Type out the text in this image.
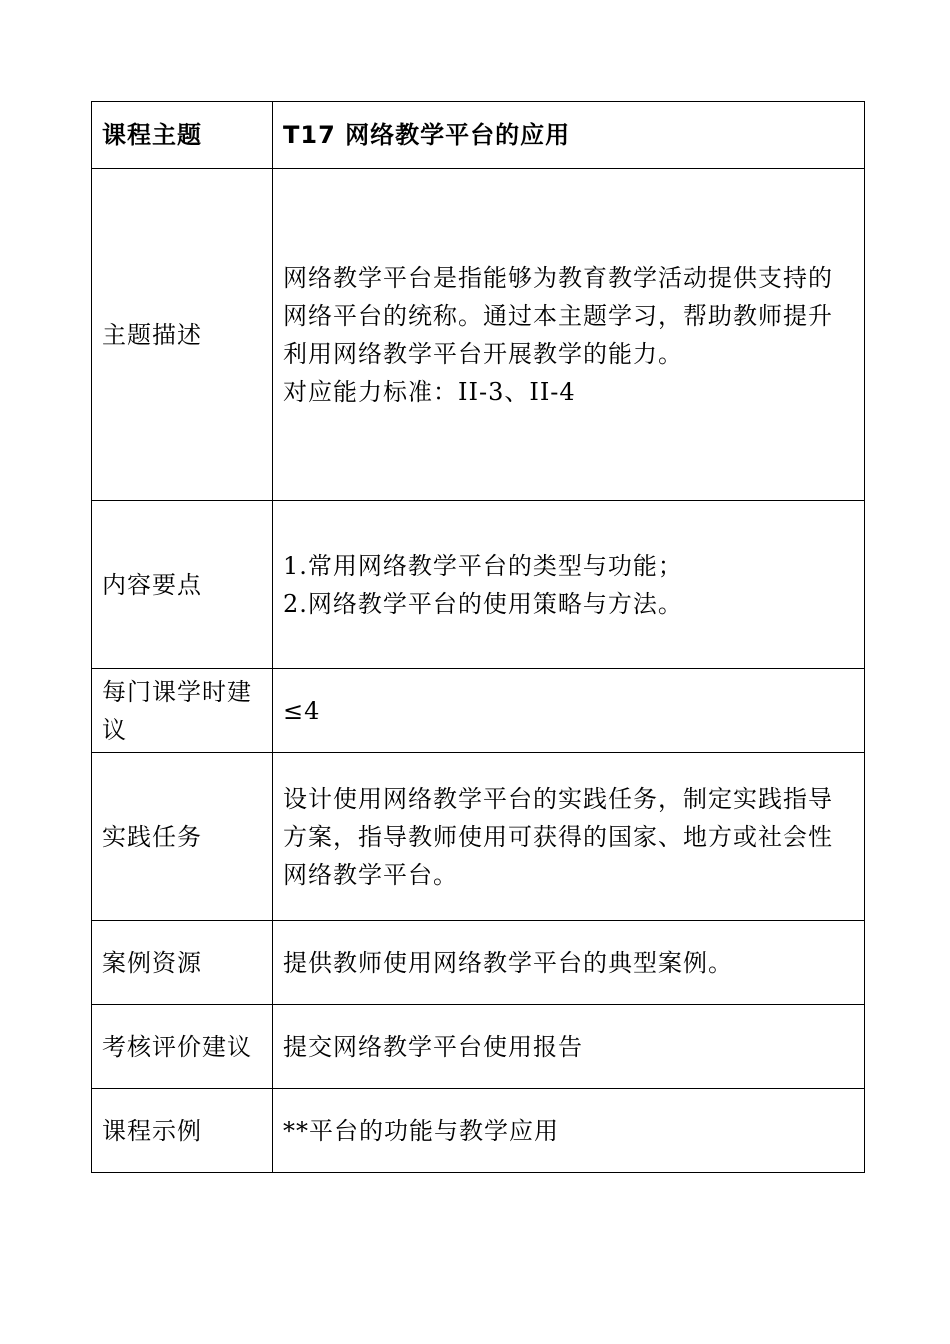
课程主题	T17 网络教学平台的应用
主题描述	网络教学平台是指能够为教育教学活动提供支持的
网络平台的统称。通过本主题学习，帮助教师提升
利用网络教学平台开展教学的能力。
对应能力标准：II-3、II-4

内容要点	1.常用网络教学平台的类型与功能；
2.网络教学平台的使用策略与方法。

每门课学时建议	≤4
实践任务	设计使用网络教学平台的实践任务，制定实践指导
方案，指导教师使用可获得的国家、地方或社会性
网络教学平台。

案例资源	提供教师使用网络教学平台的典型案例。
考核评价建议	提交网络教学平台使用报告
课程示例	**平台的功能与教学应用
